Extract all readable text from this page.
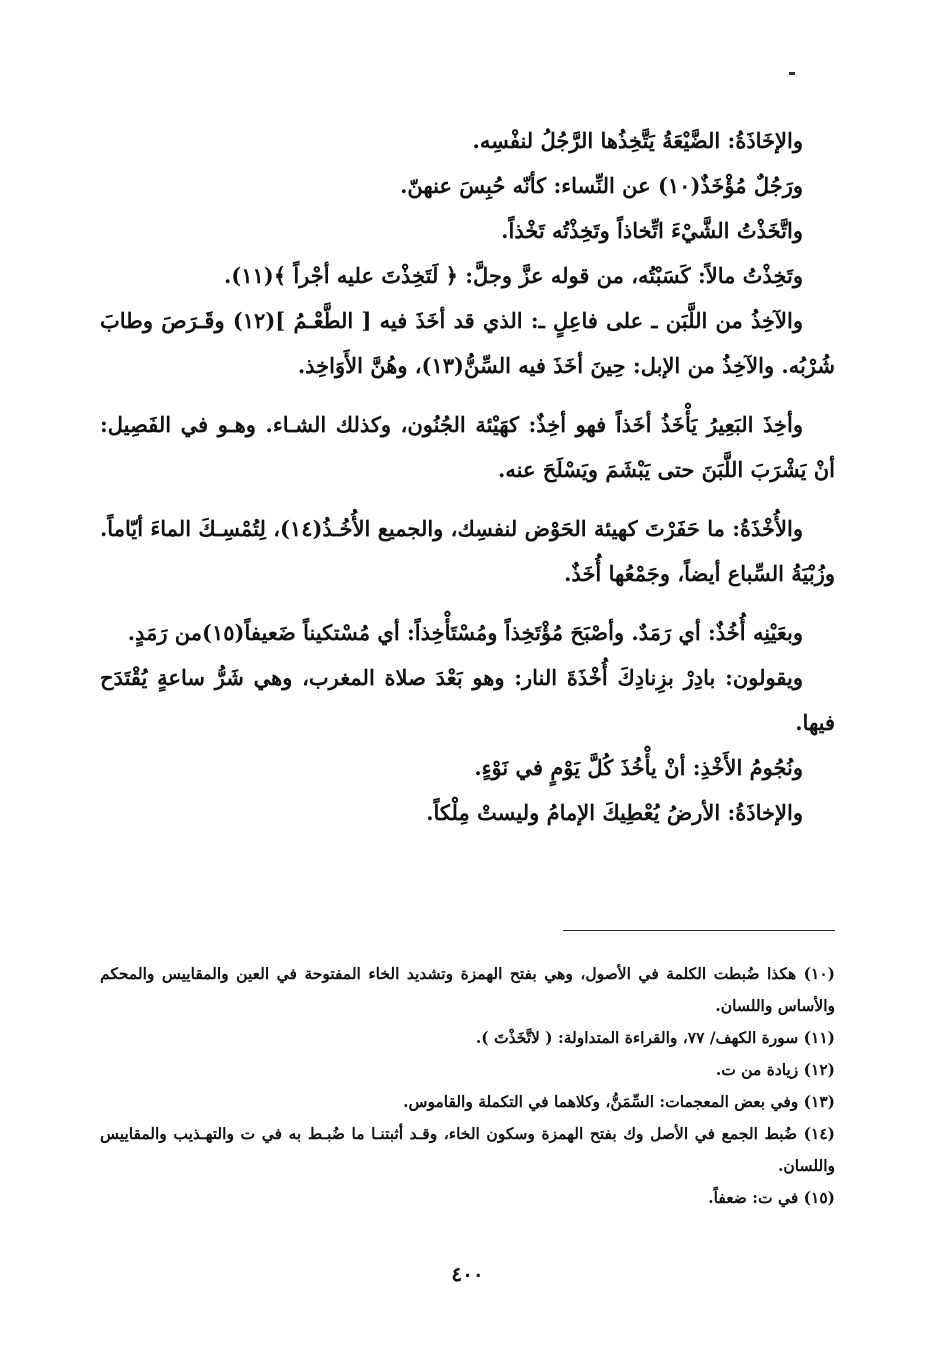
والإخَاذَةُ: الضَّيْعَةُ يَتَّخِذُها الرَّجُلُ لنفْسِه.

ورَجُلٌ مُؤْخَذٌ(١٠) عن النِّساء: كأنّه حُبِسَ عنهنّ.

واتَّخَذْتُ الشَّيْءَ اتِّخاذاً وتَخِذْتُه تَخْذاً.

وتَخِذْتُ مالاً: كَسَبْتُه، من قوله عزَّ وجلَّ: ﴿ لَتَخِذْتَ عليه أجْراً ﴾(١١).

والآخِذُ من اللَّبَن ـ على فاعِلٍ ـ: الذي قد أخَذَ فيه [ الطَّعْـمُ ](١٢) وقَـرَصَ وطابَ شُرْبُه. والآخِذُ من الإبل: حِينَ أخَذَ فيه السِّنُّ(١٣)، وهُنَّ الأَوَاخِذ.

وأخِذَ البَعِيرُ يَأْخَذُ أخَذاً فهو أخِذٌ: كهَيْئة الجُنُون، وكذلك الشـاء. وهـو في الفَصِيل: أنْ يَشْرَبَ اللَّبَنَ حتى يَبْشَمَ ويَسْلَحَ عنه.

والأُخْذَةُ: ما حَفَرْتَ كهيئة الحَوْض لنفسِك، والجميع الأُخُـذُ(١٤)، لِتُمْسِـكَ الماءَ أيّاماً. وزُبْيَةُ السِّباع أيضاً، وجَمْعُها أُخَذٌ.

وبعَيْنِه أُخُذٌ: أي رَمَدٌ. وأصْبَحَ مُؤْتَخِذاً ومُسْتَأْخِذاً: أي مُسْتكيناً ضَعيفاً(١٥)من رَمَدٍ.

ويقولون: بادِرْ بزِنادِكَ أُخْذَةَ النار: وهو بَعْدَ صلاة المغرب، وهي شَرُّ ساعةٍ يُقْتَدَح فيها.

ونُجُومُ الأَخْذِ: أنْ يأْخُذَ كُلَّ يَوْمٍ في نَوْءٍ.

والإخاذَةُ: الأرضُ يُعْطِيكَ الإمامُ وليستْ مِلْكاً.

(١٠) هكذا ضُبطت الكلمة في الأصول، وهي بفتح الهمزة وتشديد الخاء المفتوحة في العين والمقاييس والمحكم والأساس واللسان.

(١١) سورة الكهف/ ٧٧، والقراءة المتداولة: ( لاتَّخَذْتَ ).

(١٢) زيادة من ت.

(١٣) وفي بعض المعجمات: السِّمَنُّ، وكلاهما في التكملة والقاموس.

(١٤) ضُبط الجمع في الأصل وك بفتح الهمزة وسكون الخاء، وقـد أثبتنـا ما ضُبـط به في ت والتهـذيب والمقاييس واللسان.

(١٥) في ت: ضعفاً.

٤٠٠
